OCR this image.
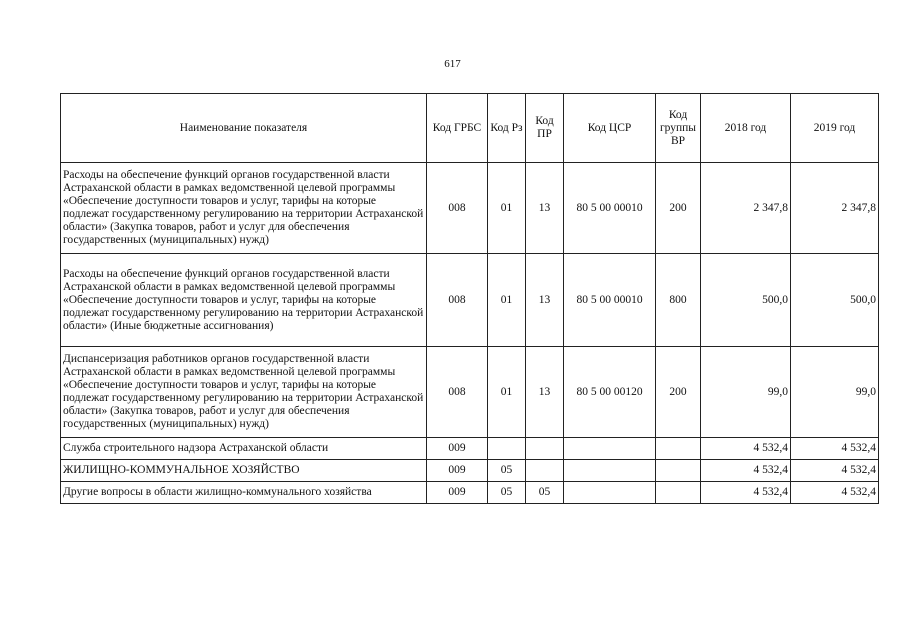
617
Наименование показателя	Код ГРБС	Код Рз	Код ПР	Код ЦСР	Код группы ВР	2018 год	2019 год
Расходы на обеспечение функций органов государственной власти Астраханской области в рамках ведомственной целевой программы «Обеспечение доступности товаров и услуг, тарифы на которые подлежат государственному регулированию на территории Астраханской области» (Закупка товаров, работ и услуг для обеспечения государственных (муниципальных) нужд)	008	01	13	80 5 00 00010	200	2 347,8	2 347,8
Расходы на обеспечение функций органов государственной власти Астраханской области в рамках ведомственной целевой программы «Обеспечение доступности товаров и услуг, тарифы на которые подлежат государственному регулированию на территории Астраханской области» (Иные бюджетные ассигнования)	008	01	13	80 5 00 00010	800	500,0	500,0
Диспансеризация работников органов государственной власти Астраханской области в рамках ведомственной целевой программы «Обеспечение доступности товаров и услуг, тарифы на которые подлежат государственному регулированию на территории Астраханской области» (Закупка товаров, работ и услуг для обеспечения государственных (муниципальных) нужд)	008	01	13	80 5 00 00120	200	99,0	99,0
Служба строительного надзора Астраханской области	009					4 532,4	4 532,4
ЖИЛИЩНО-КОММУНАЛЬНОЕ ХОЗЯЙСТВО	009	05				4 532,4	4 532,4
Другие вопросы в области жилищно-коммунального хозяйства	009	05	05			4 532,4	4 532,4
